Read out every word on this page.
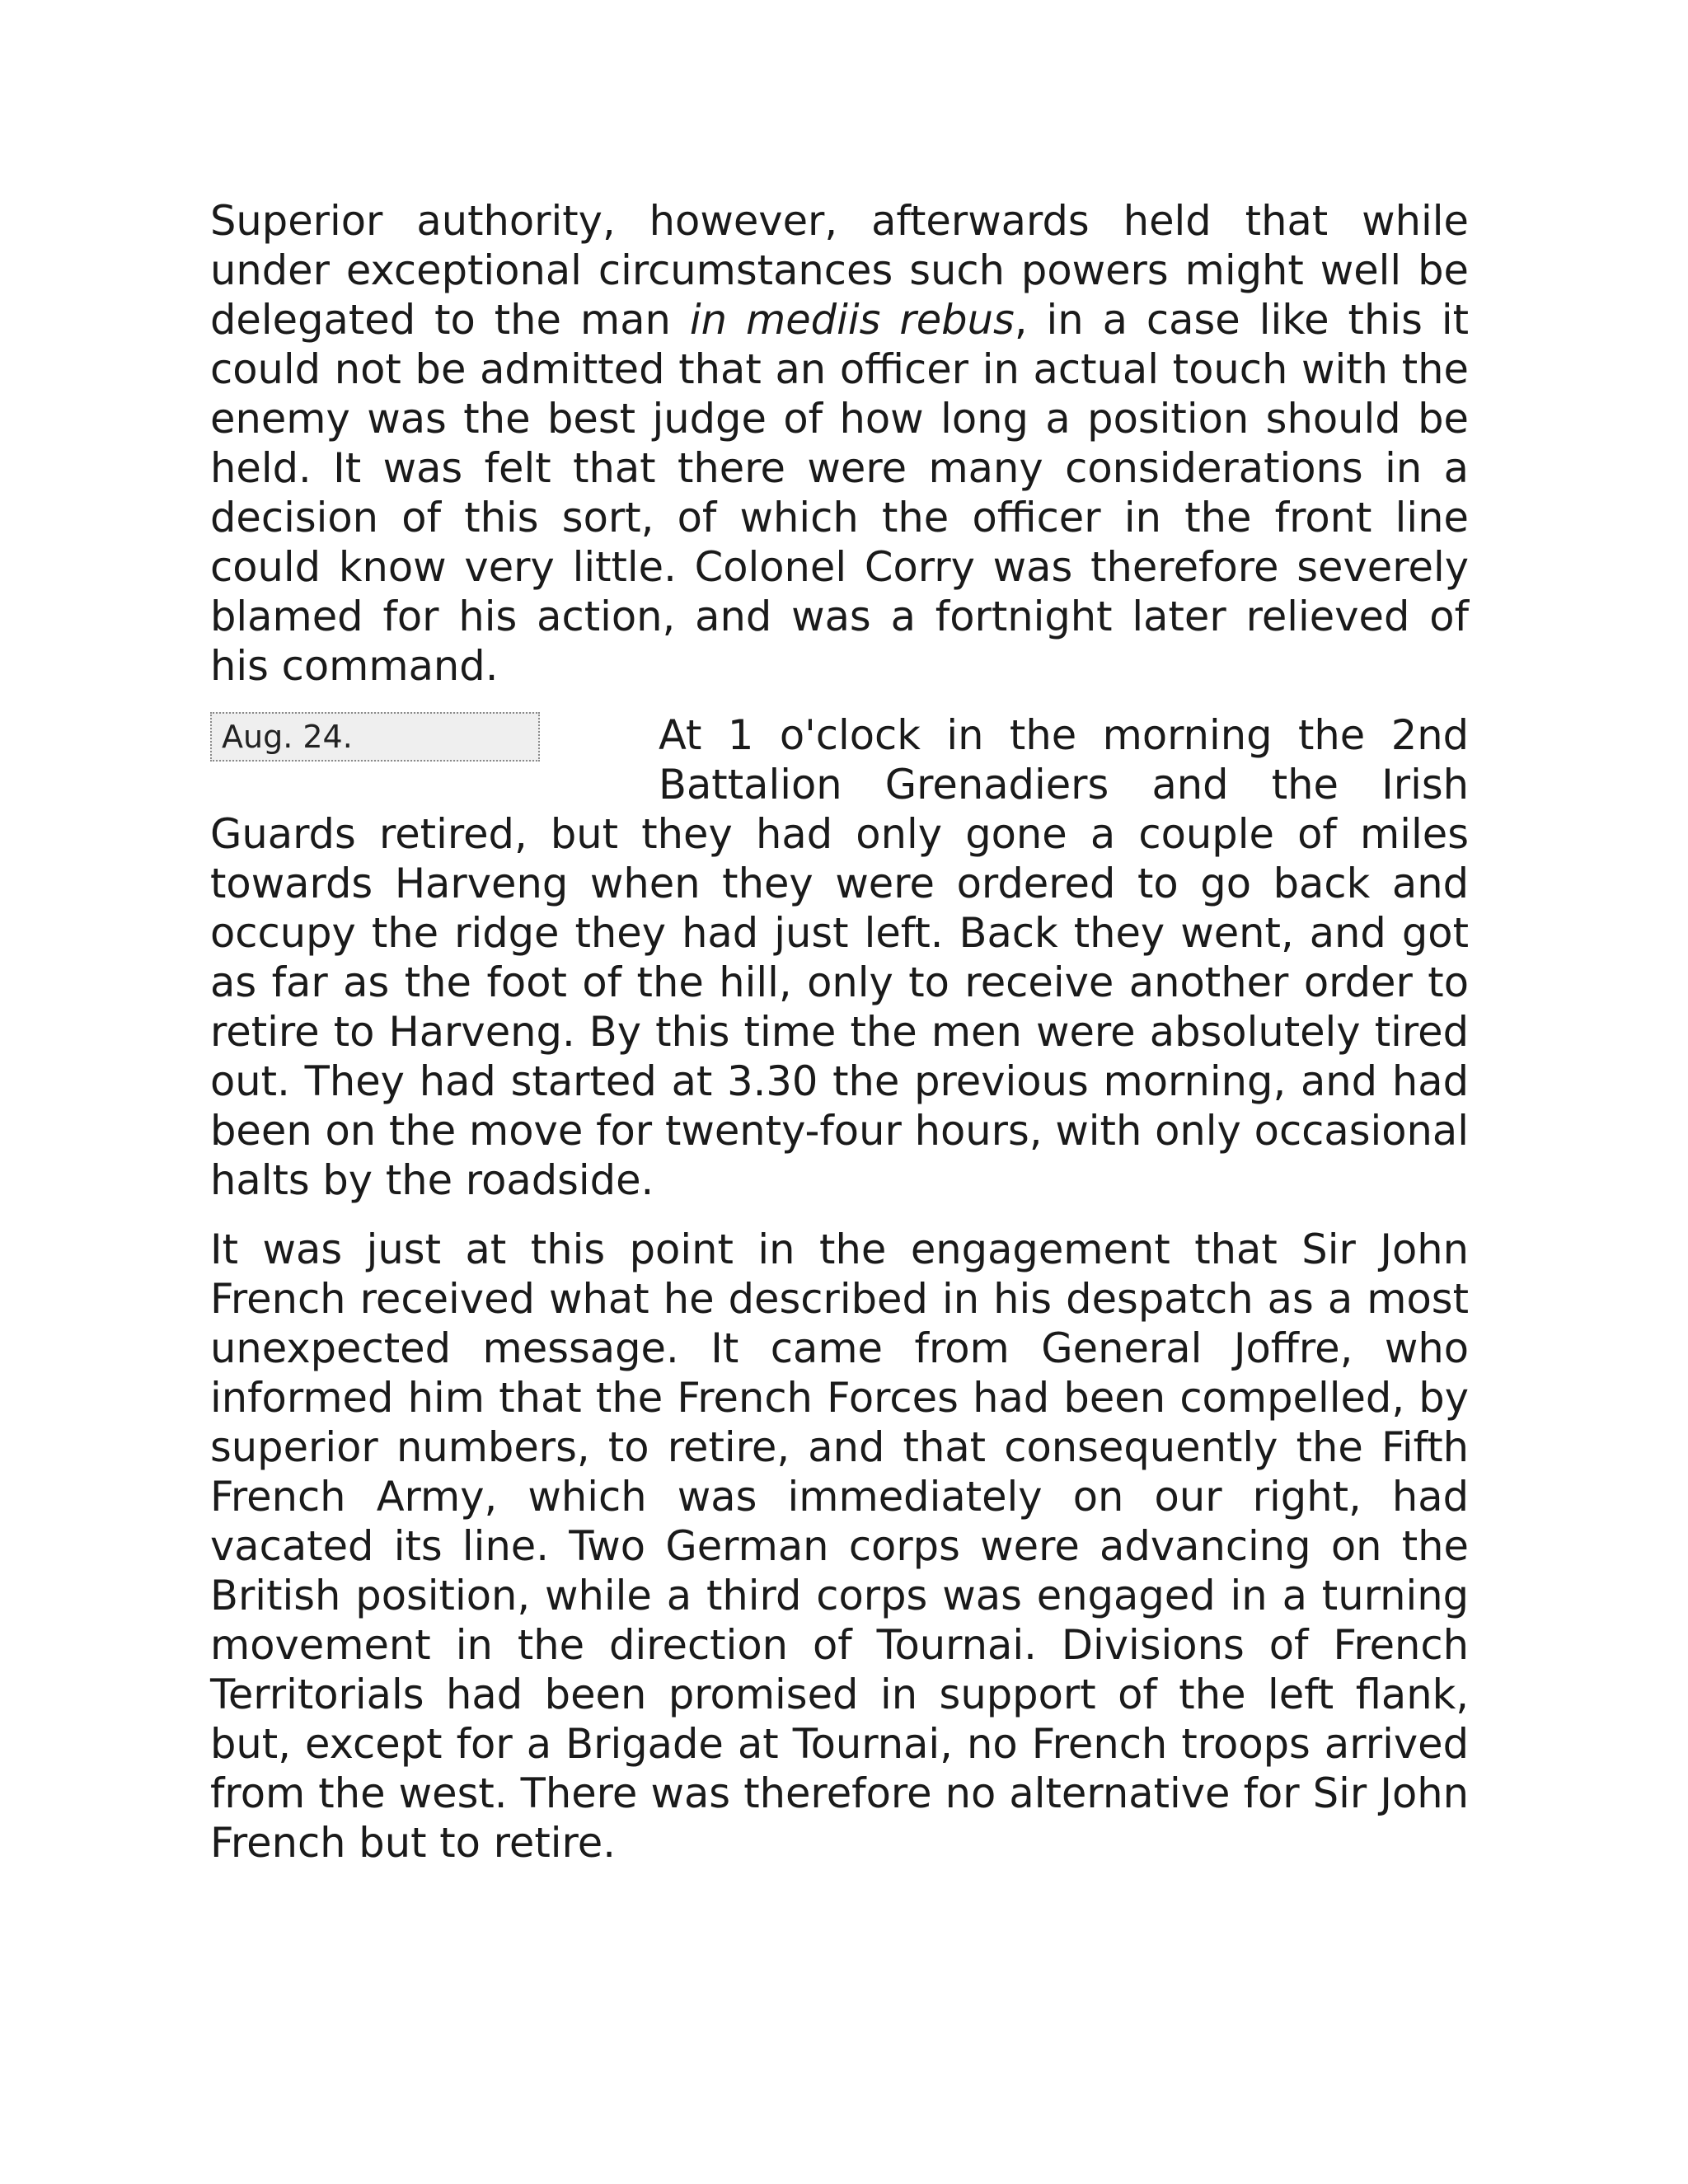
Superior authority, however, afterwards held that while under exceptional circumstances such powers might well be delegated to the man in mediis rebus, in a case like this it could not be admitted that an officer in actual touch with the enemy was the best judge of how long a position should be held. It was felt that there were many considerations in a decision of this sort, of which the officer in the front line could know very little. Colonel Corry was therefore severely blamed for his action, and was a fortnight later relieved of his command.

Aug. 24.	At 1 o'clock in the morning the 2nd Battalion Grenadiers and the Irish Guards retired, but they had only gone a couple of miles towards Harveng when they were ordered to go back and occupy the ridge they had just left. Back they went, and got as far as the foot of the hill, only to receive another order to retire to Harveng. By this time the men were absolutely tired out. They had started at 3.30 the previous morning, and had been on the move for twenty-four hours, with only occasional halts by the roadside.

It was just at this point in the engagement that Sir John French received what he described in his despatch as a most unexpected message. It came from General Joffre, who informed him that the French Forces had been compelled, by superior numbers, to retire, and that consequently the Fifth French Army, which was immediately on our right, had vacated its line. Two German corps were advancing on the British position, while a third corps was engaged in a turning movement in the direction of Tournai. Divisions of French Territorials had been promised in support of the left flank, but, except for a Brigade at Tournai, no French troops arrived from the west. There was therefore no alternative for Sir John French but to retire.
